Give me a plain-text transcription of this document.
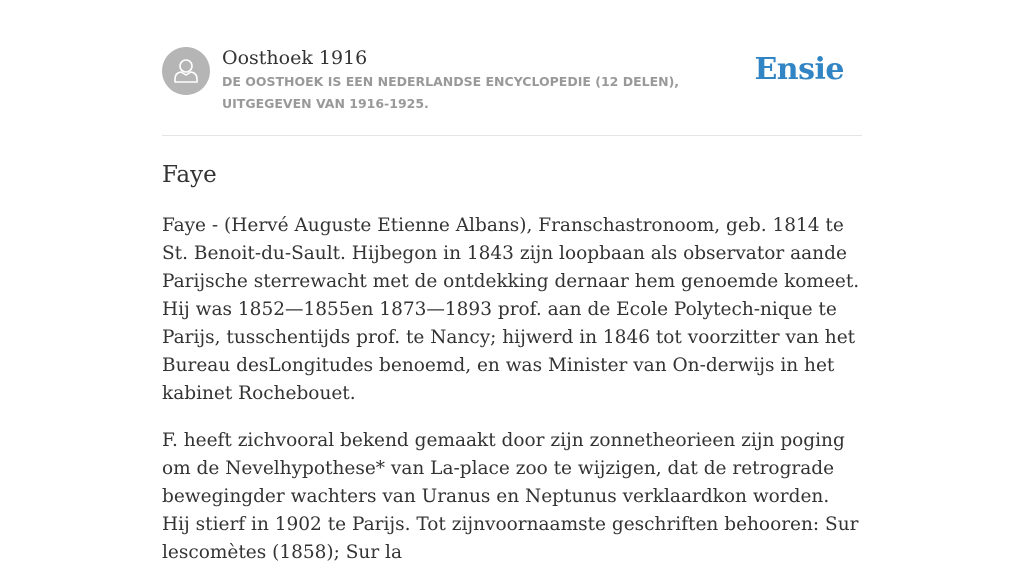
Oosthoek 1916

DE OOSTHOEK IS EEN NEDERLANDSE ENCYCLOPEDIE (12 DELEN), UITGEGEVEN VAN 1916-1925.

Ensie
Faye

Faye - (Hervé Auguste Etienne Albans), Franschastronoom, geb. 1814 te St. Benoit-du-Sault. Hijbegon in 1843 zijn loopbaan als observator aande Parijsche sterrewacht met de ontdekking dernaar hem genoemde komeet. Hij was 1852—1855en 1873—1893 prof. aan de Ecole Polytech-nique te Parijs, tusschentijds prof. te Nancy; hijwerd in 1846 tot voorzitter van het Bureau desLongitudes benoemd, en was Minister van On-derwijs in het kabinet Rochebouet.

F. heeft zichvooral bekend gemaakt door zijn zonnetheorieen zijn poging om de Nevelhypothese* van La-place zoo te wijzigen, dat de retrograde bewegingder wachters van Uranus en Neptunus verklaardkon worden. Hij stierf in 1902 te Parijs. Tot zijnvoornaamste geschriften behooren: Sur lescomètes (1858); Sur la
